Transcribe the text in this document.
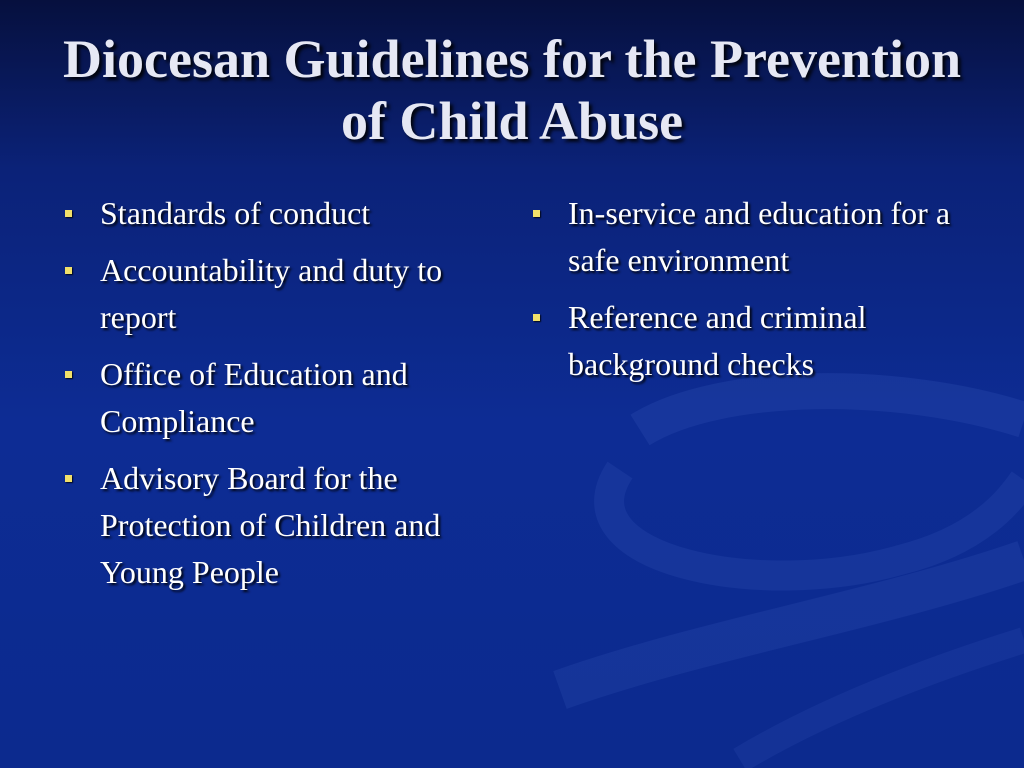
Diocesan Guidelines for the Prevention of Child Abuse
Standards of conduct
Accountability and duty to report
Office of Education and Compliance
Advisory Board for the Protection of Children and Young People
In-service and education for a safe environment
Reference and criminal background checks
